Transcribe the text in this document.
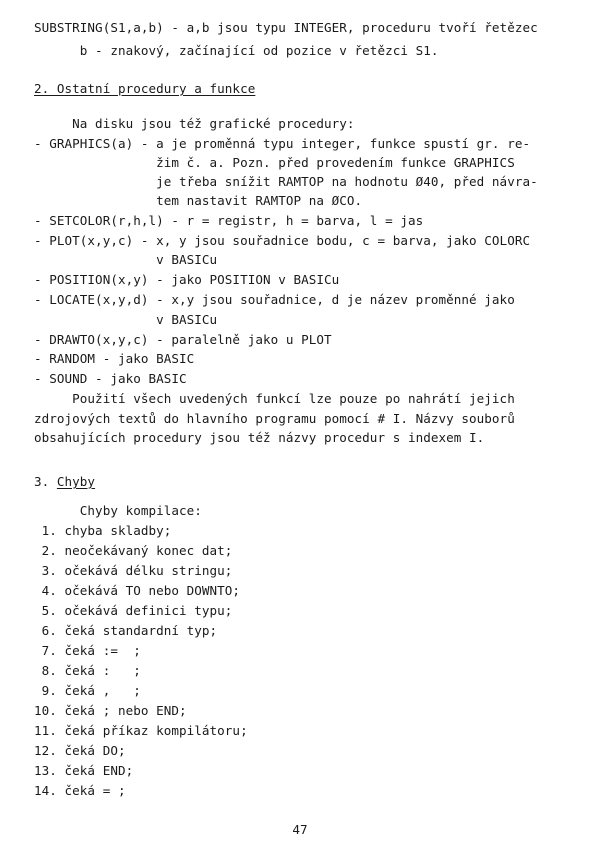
SUBSTRING(S1,a,b) - a,b jsou typu INTEGER, proceduru tvoří řetězec
b - znakový, začínající od pozice v řetězci S1.
2. Ostatní procedury a funkce
Na disku jsou též grafické procedury:
- GRAPHICS(a) - a je proměnná typu integer, funkce spustí gr. re-
žim č. a. Pozn. před provedením funkce GRAPHICS
je třeba snížit RAMTOP na hodnotu Ø40, před návra-
tem nastavit RAMTOP na ØCO.
- SETCOLOR(r,h,l) - r = registr, h = barva, l = jas
- PLOT(x,y,c) - x, y jsou souřadnice bodu, c = barva, jako COLORC
v BASICu
- POSITION(x,y) - jako POSITION v BASICu
- LOCATE(x,y,d) - x,y jsou souřadnice, d je název proměnné jako
v BASICu
- DRAWTO(x,y,c) - paralelně jako u PLOT
- RANDOM - jako BASIC
- SOUND - jako BASIC
Použití všech uvedených funkcí lze pouze po nahrátí jejich
zdrojových textů do hlavního programu pomocí # I. Názvy souborů
obsahujících procedury jsou též názvy procedur s indexem I.
3. Chyby
Chyby kompilace:
1. chyba skladby;
2. neočekávaný konec dat;
3. očekává délku stringu;
4. očekává TO nebo DOWNTO;
5. očekává definici typu;
6. čeká standardní typ;
7. čeká :=  ;
8. čeká :   ;
9. čeká ,   ;
10. čeká ; nebo END;
11. čeká příkaz kompilátoru;
12. čeká DO;
13. čeká END;
14. čeká = ;
47
